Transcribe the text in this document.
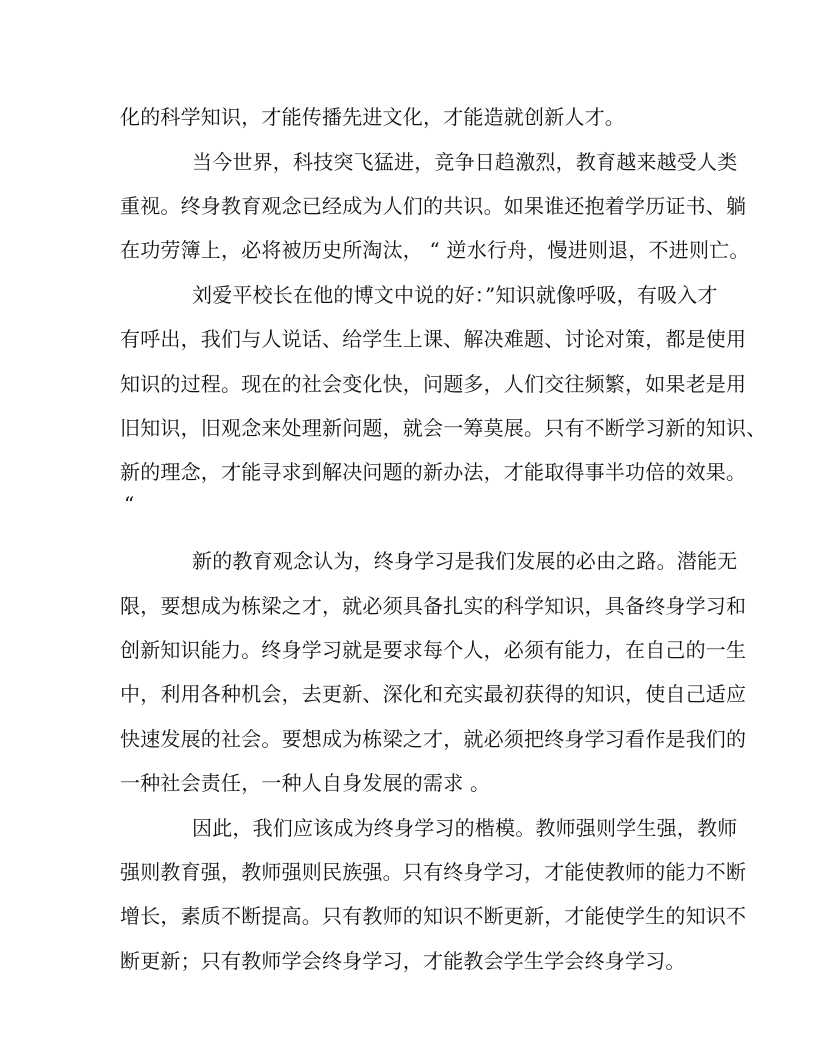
化的科学知识，才能传播先进文化，才能造就创新人才。
当今世界，科技突飞猛进，竞争日趋激烈，教育越来越受人类
重视。终身教育观念已经成为人们的共识。如果谁还抱着学历证书、躺
在功劳簿上，必将被历史所淘汰， “ 逆水行舟，慢进则退，不进则亡。
刘爱平校长在他的博文中说的好：”知识就像呼吸，有吸入才
有呼出，我们与人说话、给学生上课、解决难题、讨论对策，都是使用
知识的过程。现在的社会变化快，问题多，人们交往频繁，如果老是用
旧知识，旧观念来处理新问题，就会一筹莫展。只有不断学习新的知识、
新的理念，才能寻求到解决问题的新办法，才能取得事半功倍的效果。
“
新的教育观念认为，终身学习是我们发展的必由之路。潜能无
限，要想成为栋梁之才，就必须具备扎实的科学知识，具备终身学习和
创新知识能力。终身学习就是要求每个人，必须有能力，在自己的一生
中，利用各种机会，去更新、深化和充实最初获得的知识，使自己适应
快速发展的社会。要想成为栋梁之才，就必须把终身学习看作是我们的
一种社会责任，一种人自身发展的需求 。
因此，我们应该成为终身学习的楷模。教师强则学生强，教师
强则教育强，教师强则民族强。只有终身学习，才能使教师的能力不断
增长，素质不断提高。只有教师的知识不断更新，才能使学生的知识不
断更新；只有教师学会终身学习，才能教会学生学会终身学习。
